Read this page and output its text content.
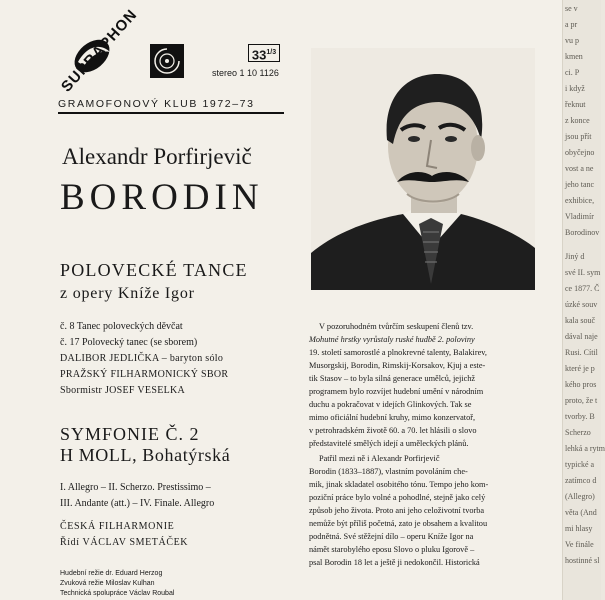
SUPRAPHON	$33^{1/3}$
stereo 1 10 1126
GRAMOFONOVÝ KLUB 1972–73
Alexandr Porfirjevič
BORODIN
POLOVECKÉ TANCE
z opery Kníže Igor
č. 8 Tanec poloveckých děvčat
č. 17 Polovecký tanec (se sborem)
DALIBOR JEDLIČKA – baryton sólo
PRAŽSKÝ FILHARMONICKÝ SBOR
Sbormistr JOSEF VESELKA
SYMFONIE Č. 2
H MOLL, Bohatýrská
I. Allegro – II. Scherzo. Prestissimo –
III. Andante (att.) – IV. Finale. Allegro
ČESKÁ FILHARMONIE
Řídí VÁCLAV SMETÁČEK
Hudební režie dr. Eduard Herzog
Zvuková režie Miloslav Kulhan
Technická spolupráce Václav Roubal
V pozoruhodném tvůrčím seskupení členů tzv.
Mohutné hrstky vyrůstaly ruské hudbě 2. poloviny
19. století samorostlé a plnokrevné talenty, Balakirev,
Musorgskij, Borodin, Rimskij-Korsakov, Kjuj a este-
tik Stasov – to byla silná generace umělců, jejichž
programem bylo rozvíjet hudební umění v národním
duchu a pokračovat v idejích Glinkových. Tak se
mimo oficiální hudební kruhy, mimo konzervatoř,
v petrohradském životě 60. a 70. let hlásili o slovo
představitelé smělých idejí a uměleckých plánů.
Patřil mezi ně i Alexandr Porfirjevič
Borodin (1833–1887), vlastním povoláním che-
mik, jinak skladatel osobitého tónu. Tempo jeho kom-
poziční práce bylo volné a pohodlné, stejně jako celý
způsob jeho života. Proto ani jeho celoživotní tvorba
nemůže být příliš početná, zato je obsahem a kvalitou
podnětná. Své stěžejní dílo – operu Kníže Igor na
námět starobylého eposu Slovo o pluku Igorově –
psal Borodin 18 let a ještě ji nedokončil. Historická
se v
a pr
vu p
kmen
ci. P
i když
řeknut
z konce
jsou přít
obyčejno
vost a ne
jeho tanc
exhibice,
Vladimír
Borodinov
Jiný d
své II. sym
ce 1877. Č
úzké souv
kala souč
dával naje
Rusi. Cítil
které je p
kého pros
proto, že t
tvorby. B
Scherzo
lehká a rytm
typické a
zatímco d
(Allegro)
věta (And
mi hlasy
Ve finále
hostinné sl
